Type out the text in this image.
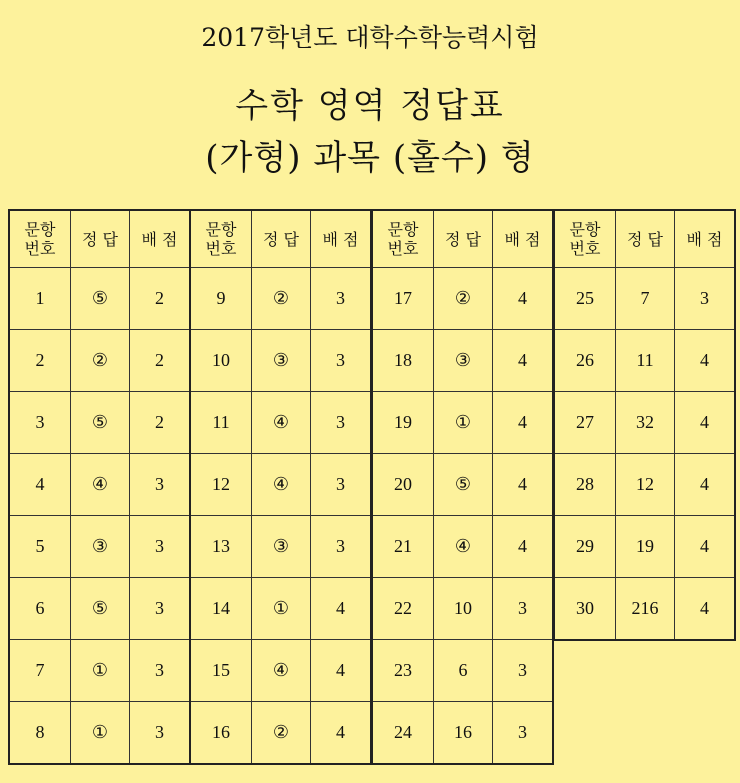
2017학년도 대학수학능력시험
수학 영역 정답표
(가형) 과목 (홀수) 형
문항
번호	정 답	배 점
1	⑤	2
2	②	2
3	⑤	2
4	④	3
5	③	3
6	⑤	3
7	①	3
8	①	3
문항
번호	정 답	배 점
9	②	3
10	③	3
11	④	3
12	④	3
13	③	3
14	①	4
15	④	4
16	②	4
문항
번호	정 답	배 점
17	②	4
18	③	4
19	①	4
20	⑤	4
21	④	4
22	10	3
23	6	3
24	16	3
문항
번호	정 답	배 점
25	7	3
26	11	4
27	32	4
28	12	4
29	19	4
30	216	4
